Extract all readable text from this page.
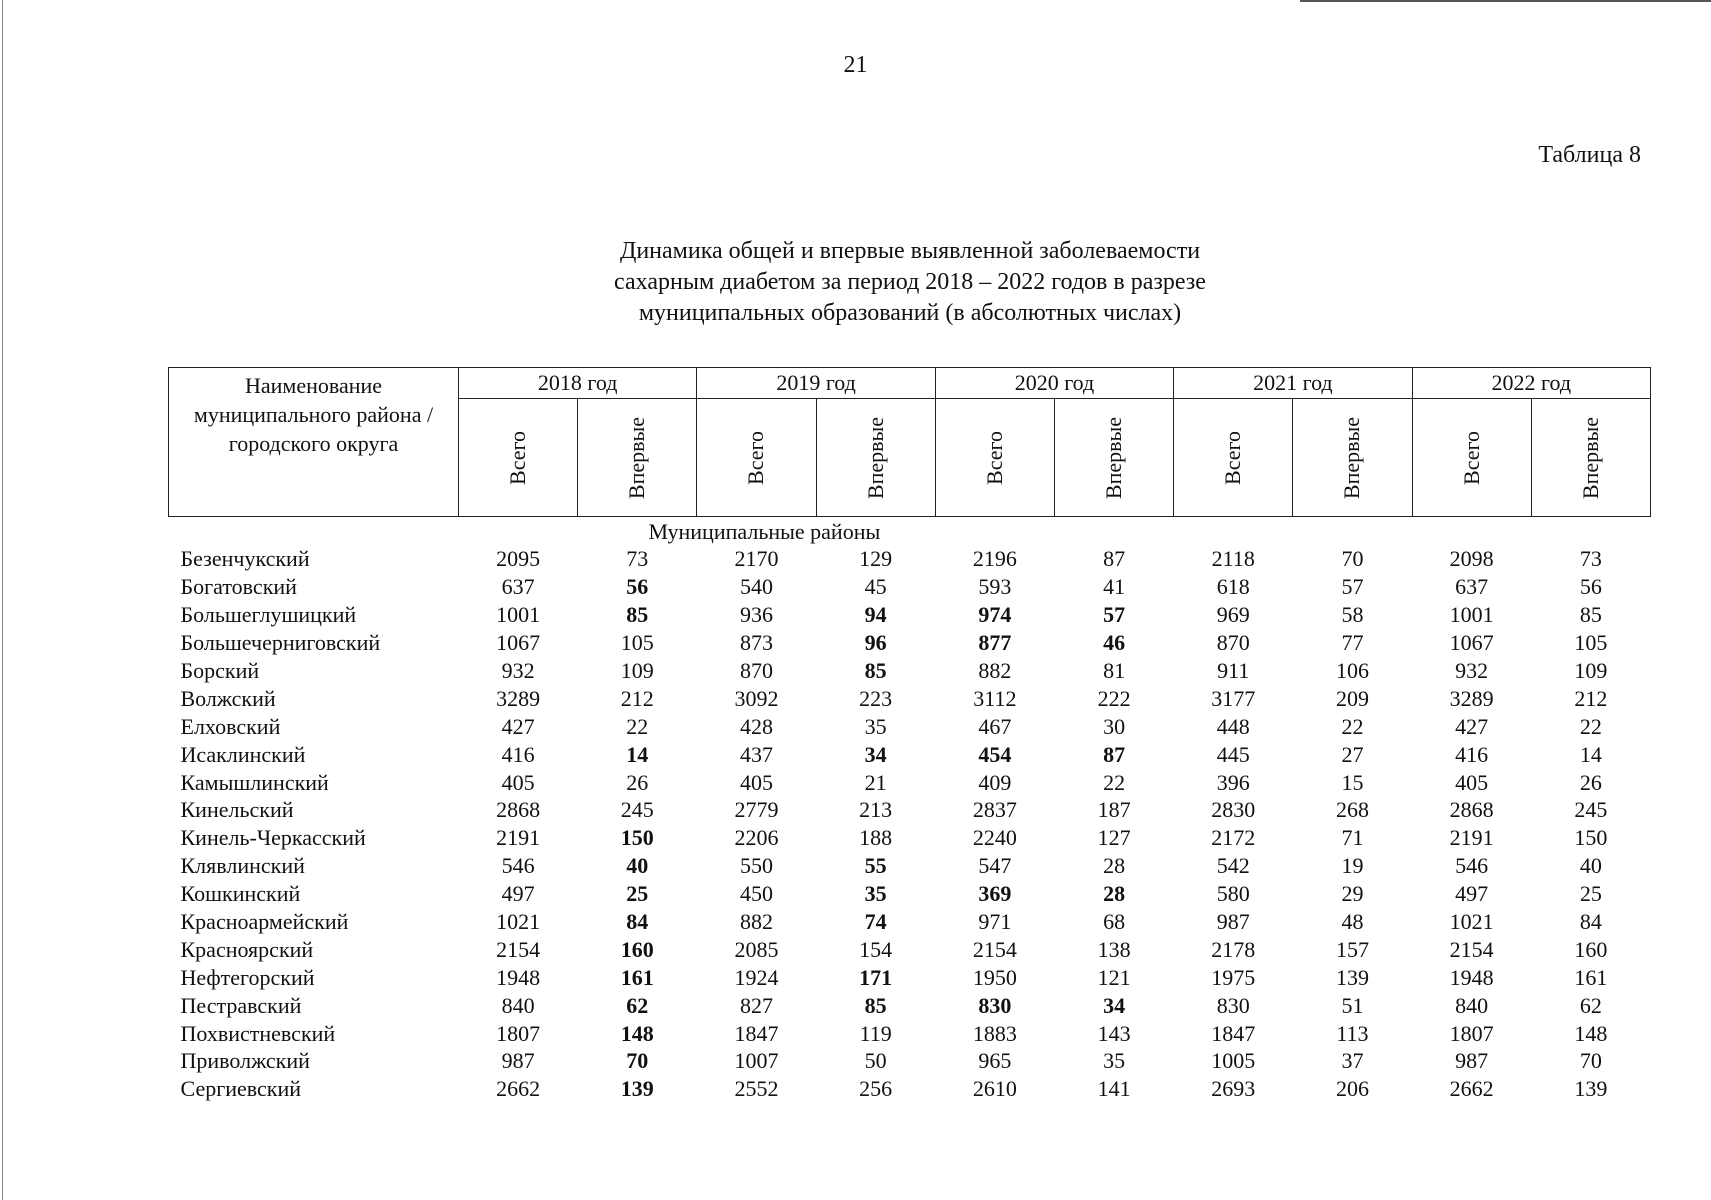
21
Таблица 8
Динамика общей и впервые выявленной заболеваемости
сахарным диабетом за период 2018 – 2022 годов в разрезе
муниципальных образований (в абсолютных числах)
Наименование
муниципального района /
городского округа	2018 год		2019 год		2020 год		2021 год		2022 год	

	Всего	Впервые	Всего	Впервые	Всего	Впервые	Всего	Впервые	Всего	Впервые

Муниципальные районы										
Безенчукский	2095	73	2170	129	2196	87	2118	70	2098	73
Богатовский	637	56	540	45	593	41	618	57	637	56
Большеглушицкий	1001	85	936	94	974	57	969	58	1001	85
Большечерниговский	1067	105	873	96	877	46	870	77	1067	105
Борский	932	109	870	85	882	81	911	106	932	109
Волжский	3289	212	3092	223	3112	222	3177	209	3289	212
Елховский	427	22	428	35	467	30	448	22	427	22
Исаклинский	416	14	437	34	454	87	445	27	416	14
Камышлинский	405	26	405	21	409	22	396	15	405	26
Кинельский	2868	245	2779	213	2837	187	2830	268	2868	245
Кинель-Черкасский	2191	150	2206	188	2240	127	2172	71	2191	150
Клявлинский	546	40	550	55	547	28	542	19	546	40
Кошкинский	497	25	450	35	369	28	580	29	497	25
Красноармейский	1021	84	882	74	971	68	987	48	1021	84
Красноярский	2154	160	2085	154	2154	138	2178	157	2154	160
Нефтегорский	1948	161	1924	171	1950	121	1975	139	1948	161
Пестравский	840	62	827	85	830	34	830	51	840	62
Похвистневский	1807	148	1847	119	1883	143	1847	113	1807	148
Приволжский	987	70	1007	50	965	35	1005	37	987	70
Сергиевский	2662	139	2552	256	2610	141	2693	206	2662	139
